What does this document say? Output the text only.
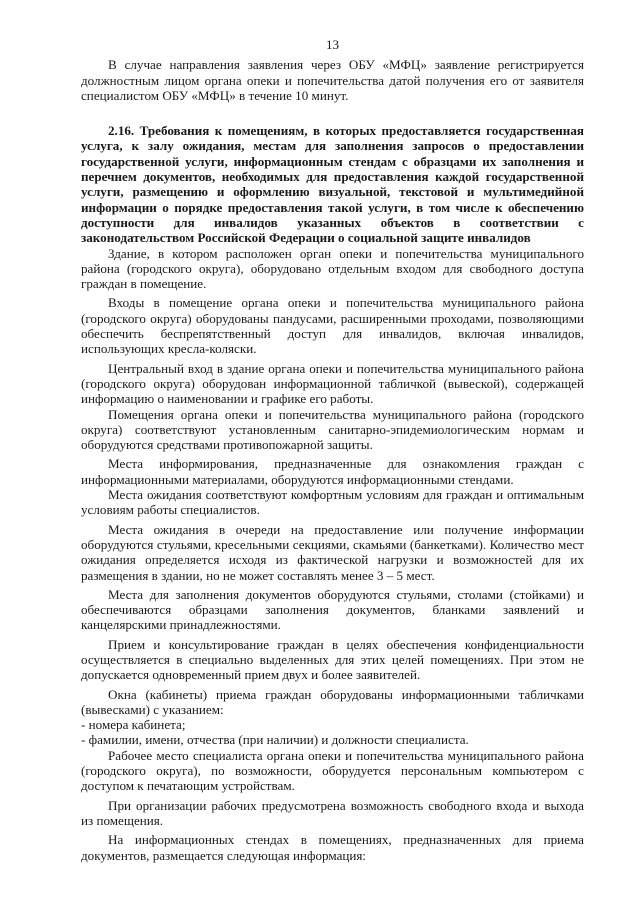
13

В случае направления заявления через ОБУ «МФЦ» заявление регистрируется должностным лицом органа опеки и попечительства датой получения его от заявителя специалистом ОБУ «МФЦ» в течение 10 минут.

2.16. Требования к помещениям, в которых предоставляется государственная услуга, к залу ожидания, местам для заполнения запросов о предоставлении государственной услуги, информационным стендам с образцами их заполнения и перечнем документов, необходимых для предоставления каждой государственной услуги, размещению и оформлению визуальной, текстовой и мультимедийной информации о порядке предоставления такой услуги, в том числе к обеспечению доступности для инвалидов указанных объектов в соответствии с законодательством Российской Федерации о социальной защите инвалидов

Здание, в котором расположен орган опеки и попечительства муниципального района (городского округа), оборудовано отдельным входом для свободного доступа граждан в помещение.

Входы в помещение органа опеки и попечительства муниципального района (городского округа) оборудованы пандусами, расширенными проходами, позволяющими обеспечить беспрепятственный доступ для инвалидов, включая инвалидов, использующих кресла-коляски.

Центральный вход в здание органа опеки и попечительства муниципального района (городского округа) оборудован информационной табличкой (вывеской), содержащей информацию о наименовании и графике его работы.

Помещения органа опеки и попечительства муниципального района (городского округа) соответствуют установленным санитарно-эпидемиологическим нормам и оборудуются средствами противопожарной защиты.

Места информирования, предназначенные для ознакомления граждан с информационными материалами, оборудуются информационными стендами.

Места ожидания соответствуют комфортным условиям для граждан и оптимальным условиям работы специалистов.

Места ожидания в очереди на предоставление или получение информации оборудуются стульями, кресельными секциями, скамьями (банкетками). Количество мест ожидания определяется исходя из фактической нагрузки и возможностей для их размещения в здании, но не может составлять менее 3 – 5 мест.

Места для заполнения документов оборудуются стульями, столами (стойками) и обеспечиваются образцами заполнения документов, бланками заявлений и канцелярскими принадлежностями.

Прием и консультирование граждан в целях обеспечения конфиденциальности осуществляется в специально выделенных для этих целей помещениях. При этом не допускается одновременный прием двух и более заявителей.

Окна (кабинеты) приема граждан оборудованы информационными табличками (вывесками) с указанием:

- номера кабинета;

- фамилии, имени, отчества (при наличии) и должности специалиста.

Рабочее место специалиста органа опеки и попечительства муниципального района (городского округа), по возможности, оборудуется персональным компьютером с доступом к печатающим устройствам.

При организации рабочих предусмотрена возможность свободного входа и выхода из помещения.

На информационных стендах в помещениях, предназначенных для приема документов, размещается следующая информация:
